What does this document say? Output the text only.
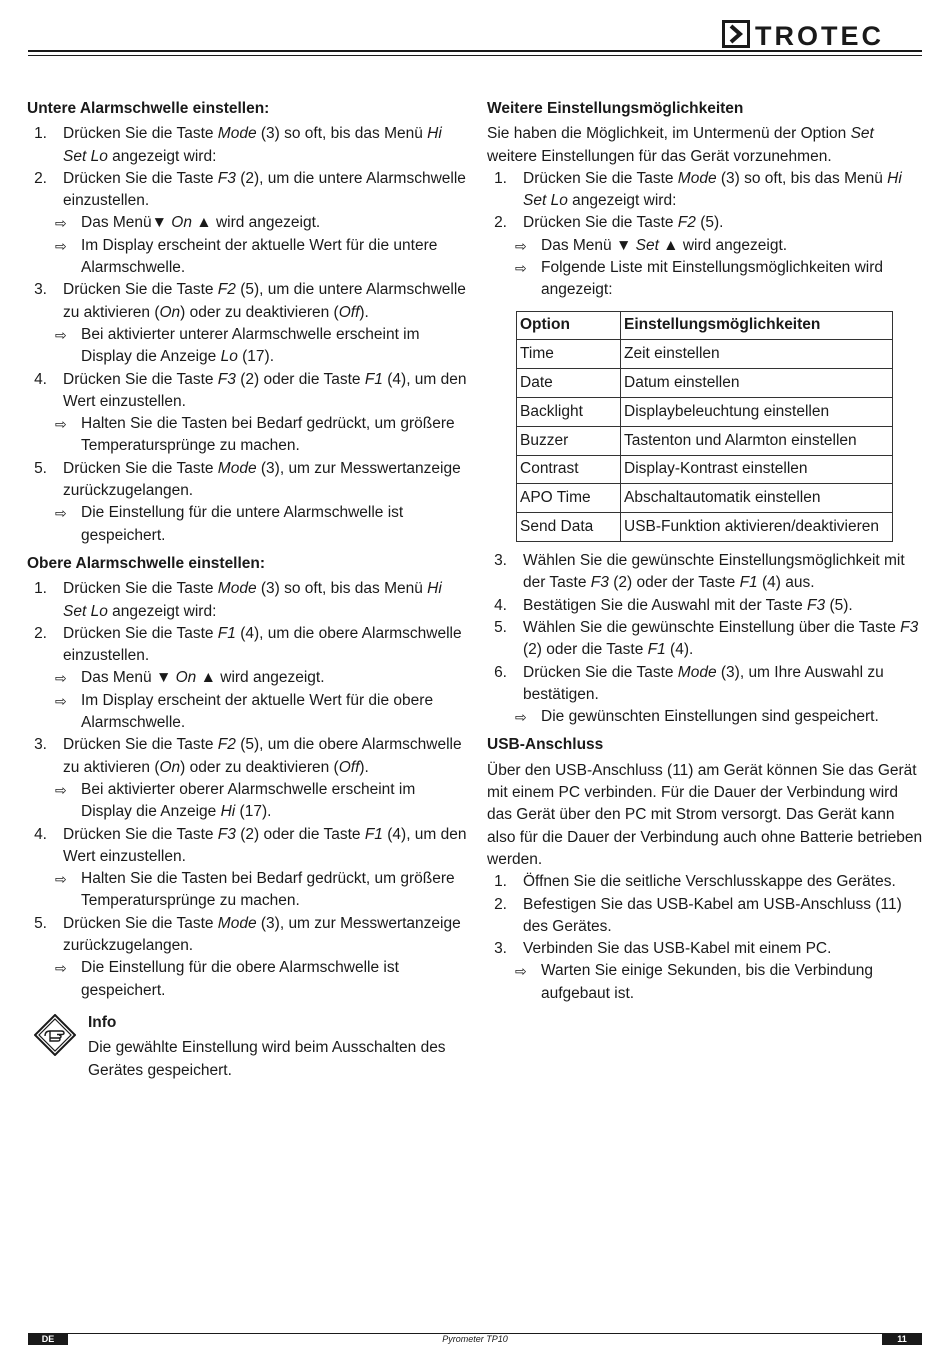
TROTEC
Untere Alarmschwelle einstellen:
1. Drücken Sie die Taste Mode (3) so oft, bis das Menü Hi Set Lo angezeigt wird:
2. Drücken Sie die Taste F3 (2), um die untere Alarmschwelle einzustellen.
⇨ Das Menü▼ On ▲ wird angezeigt.
⇨ Im Display erscheint der aktuelle Wert für die untere Alarmschwelle.
3. Drücken Sie die Taste F2 (5), um die untere Alarmschwelle zu aktivieren (On) oder zu deaktivieren (Off).
⇨ Bei aktivierter unterer Alarmschwelle erscheint im Display die Anzeige Lo (17).
4. Drücken Sie die Taste F3 (2) oder die Taste F1 (4), um den Wert einzustellen.
⇨ Halten Sie die Tasten bei Bedarf gedrückt, um größere Temperatursprünge zu machen.
5. Drücken Sie die Taste Mode (3), um zur Messwertanzeige zurückzugelangen.
⇨ Die Einstellung für die untere Alarmschwelle ist gespeichert.
Obere Alarmschwelle einstellen:
1. Drücken Sie die Taste Mode (3) so oft, bis das Menü Hi Set Lo angezeigt wird:
2. Drücken Sie die Taste F1 (4), um die obere Alarmschwelle einzustellen.
⇨ Das Menü ▼ On ▲ wird angezeigt.
⇨ Im Display erscheint der aktuelle Wert für die obere Alarmschwelle.
3. Drücken Sie die Taste F2 (5), um die obere Alarmschwelle zu aktivieren (On) oder zu deaktivieren (Off).
⇨ Bei aktivierter oberer Alarmschwelle erscheint im Display die Anzeige Hi (17).
4. Drücken Sie die Taste F3 (2) oder die Taste F1 (4), um den Wert einzustellen.
⇨ Halten Sie die Tasten bei Bedarf gedrückt, um größere Temperatursprünge zu machen.
5. Drücken Sie die Taste Mode (3), um zur Messwertanzeige zurückzugelangen.
⇨ Die Einstellung für die obere Alarmschwelle ist gespeichert.
Info
Die gewählte Einstellung wird beim Ausschalten des Gerätes gespeichert.
Weitere Einstellungsmöglichkeiten

Sie haben die Möglichkeit, im Untermenü der Option Set weitere Einstellungen für das Gerät vorzunehmen.

1. Drücken Sie die Taste Mode (3) so oft, bis das Menü Hi Set Lo angezeigt wird:
2. Drücken Sie die Taste F2 (5).
⇨ Das Menü ▼ Set ▲ wird angezeigt.
⇨ Folgende Liste mit Einstellungsmöglichkeiten wird angezeigt:
Option	Einstellungsmöglichkeiten
Time	Zeit einstellen
Date	Datum einstellen
Backlight	Displaybeleuchtung einstellen
Buzzer	Tastenton und Alarmton einstellen
Contrast	Display-Kontrast einstellen
APO Time	Abschaltautomatik einstellen
Send Data	USB-Funktion aktivieren/deaktivieren
3. Wählen Sie die gewünschte Einstellungsmöglichkeit mit der Taste F3 (2) oder der Taste F1 (4) aus.
4. Bestätigen Sie die Auswahl mit der Taste F3 (5).
5. Wählen Sie die gewünschte Einstellung über die Taste F3 (2) oder die Taste F1 (4).
6. Drücken Sie die Taste Mode (3), um Ihre Auswahl zu bestätigen.
⇨ Die gewünschten Einstellungen sind gespeichert.
USB-Anschluss

Über den USB-Anschluss (11) am Gerät können Sie das Gerät mit einem PC verbinden. Für die Dauer der Verbindung wird das Gerät über den PC mit Strom versorgt. Das Gerät kann also für die Dauer der Verbindung auch ohne Batterie betrieben werden.

1. Öffnen Sie die seitliche Verschlusskappe des Gerätes.
2. Befestigen Sie das USB-Kabel am USB-Anschluss (11) des Gerätes.
3. Verbinden Sie das USB-Kabel mit einem PC.
⇨ Warten Sie einige Sekunden, bis die Verbindung aufgebaut ist.
DE	Pyrometer TP10	11
